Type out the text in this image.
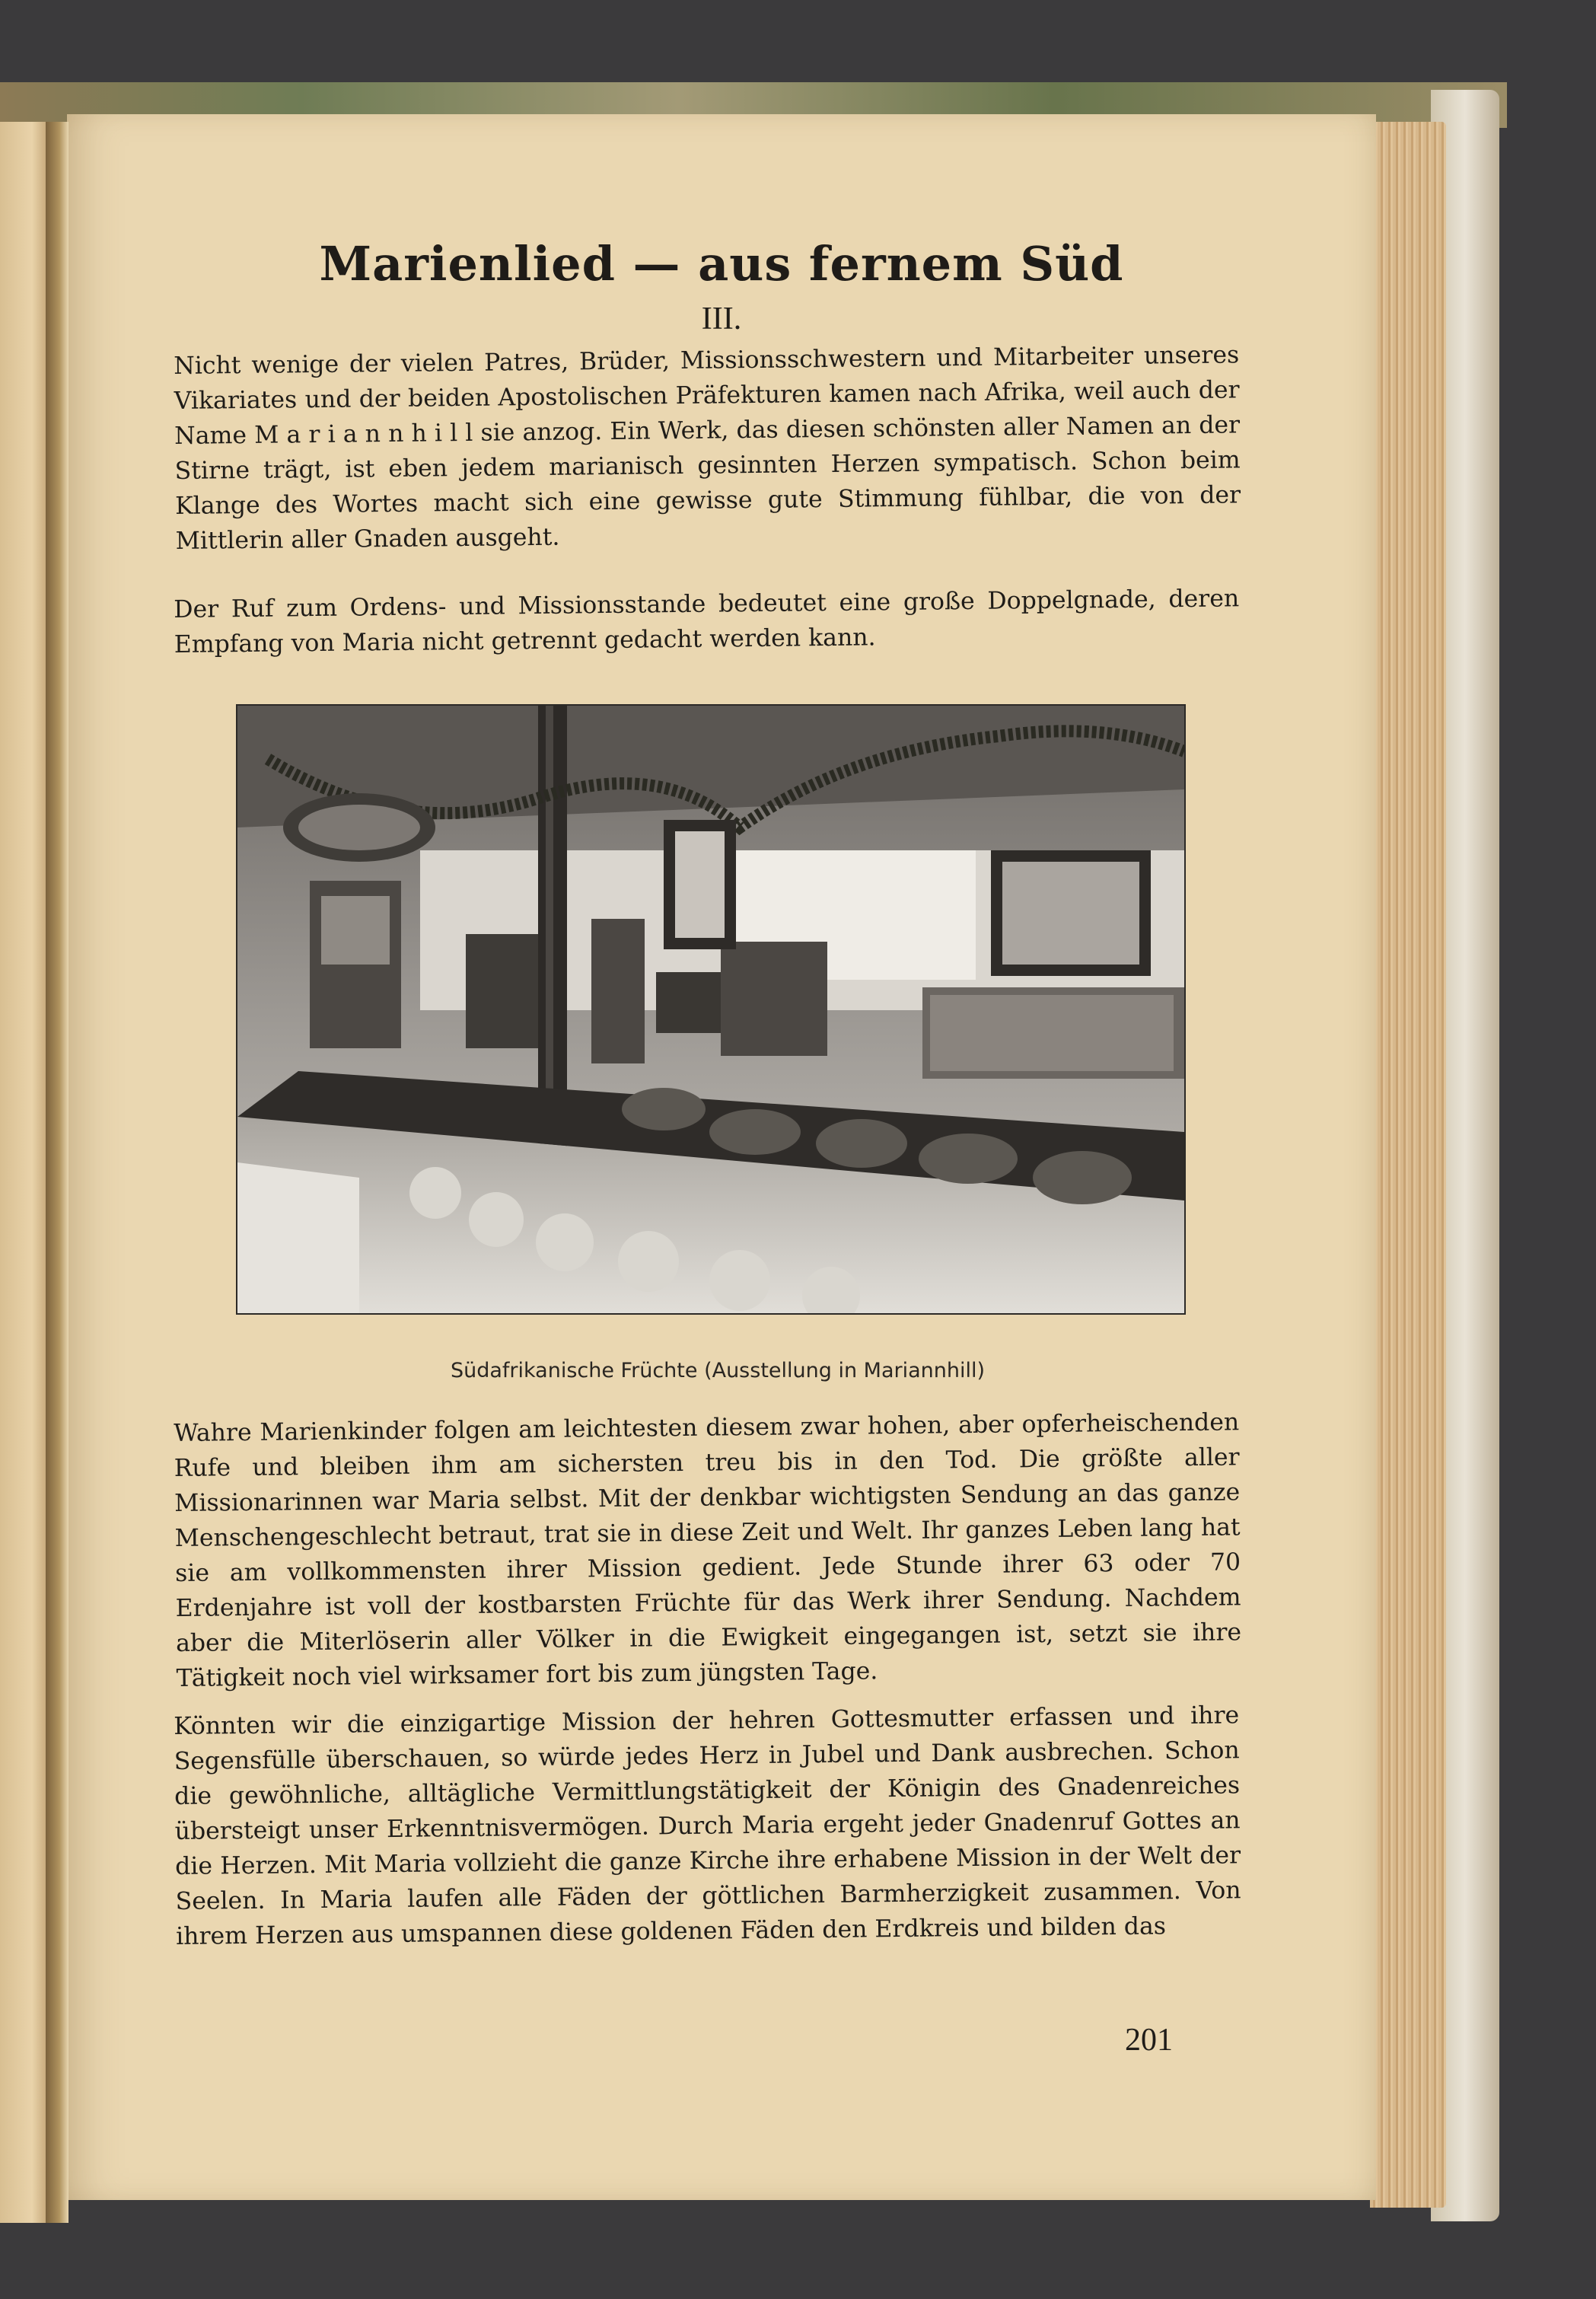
Marienlied — aus fernem Süd
III.

Nicht wenige der vielen Patres, Brüder, Missionsschwestern und Mitarbeiter unseres Vikariates und der beiden Apostolischen Präfekturen kamen nach Afrika, weil auch der Name M a r i a n n h i l l sie anzog. Ein Werk, das diesen schönsten aller Namen an der Stirne trägt, ist eben jedem marianisch gesinnten Herzen sympatisch. Schon beim Klange des Wortes macht sich eine gewisse gute Stimmung fühlbar, die von der Mittlerin aller Gnaden ausgeht.

Der Ruf zum Ordens- und Missionsstande bedeutet eine große Doppelgnade, deren Empfang von Maria nicht getrennt gedacht werden kann.

Südafrikanische Früchte (Ausstellung in Mariannhill)

Wahre Marienkinder folgen am leichtesten diesem zwar hohen, aber opferheischenden Rufe und bleiben ihm am sichersten treu bis in den Tod. Die größte aller Missionarinnen war Maria selbst. Mit der denkbar wichtigsten Sendung an das ganze Menschengeschlecht betraut, trat sie in diese Zeit und Welt. Ihr ganzes Leben lang hat sie am vollkommensten ihrer Mission gedient. Jede Stunde ihrer 63 oder 70 Erdenjahre ist voll der kostbarsten Früchte für das Werk ihrer Sendung. Nachdem aber die Miterlöserin aller Völker in die Ewigkeit eingegangen ist, setzt sie ihre Tätigkeit noch viel wirksamer fort bis zum jüngsten Tage.

Könnten wir die einzigartige Mission der hehren Gottesmutter erfassen und ihre Segensfülle überschauen, so würde jedes Herz in Jubel und Dank ausbrechen. Schon die gewöhnliche, alltägliche Vermittlungstätigkeit der Königin des Gnadenreiches übersteigt unser Erkenntnisvermögen. Durch Maria ergeht jeder Gnadenruf Gottes an die Herzen. Mit Maria vollzieht die ganze Kirche ihre erhabene Mission in der Welt der Seelen. In Maria laufen alle Fäden der göttlichen Barmherzigkeit zusammen. Von ihrem Herzen aus umspannen diese goldenen Fäden den Erdkreis und bilden das

201
